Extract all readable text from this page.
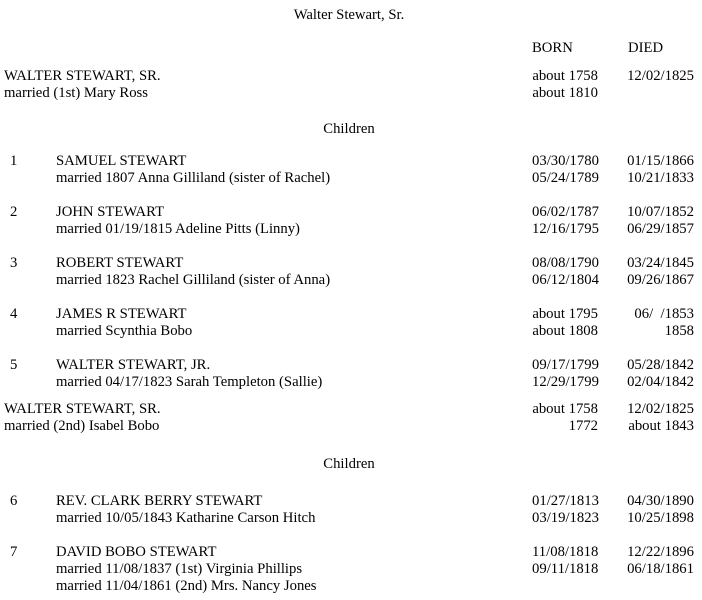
Walter Stewart, Sr.
BORN	DIED
WALTER STEWART, SR.	about 1758	12/02/1825
married (1st) Mary Ross	about 1810
Children
1	SAMUEL STEWART	03/30/1780	01/15/1866
married 1807 Anna Gilliland (sister of Rachel)	05/24/1789	10/21/1833
2	JOHN STEWART	06/02/1787	10/07/1852
married 01/19/1815 Adeline Pitts (Linny)	12/16/1795	06/29/1857
3	ROBERT STEWART	08/08/1790	03/24/1845
married 1823 Rachel Gilliland (sister of Anna)	06/12/1804	09/26/1867
4	JAMES R STEWART	about 1795	06/  /1853
married Scynthia Bobo	about 1808	1858
5	WALTER STEWART, JR.	09/17/1799	05/28/1842
married 04/17/1823 Sarah Templeton (Sallie)	12/29/1799	02/04/1842
WALTER STEWART, SR.	about 1758	12/02/1825
married (2nd) Isabel Bobo	1772	about 1843
Children
6	REV. CLARK BERRY STEWART	01/27/1813	04/30/1890
married 10/05/1843 Katharine Carson Hitch	03/19/1823	10/25/1898
7	DAVID BOBO STEWART	11/08/1818	12/22/1896
married 11/08/1837 (1st) Virginia Phillips	09/11/1818	06/18/1861
married 11/04/1861 (2nd) Mrs. Nancy Jones
